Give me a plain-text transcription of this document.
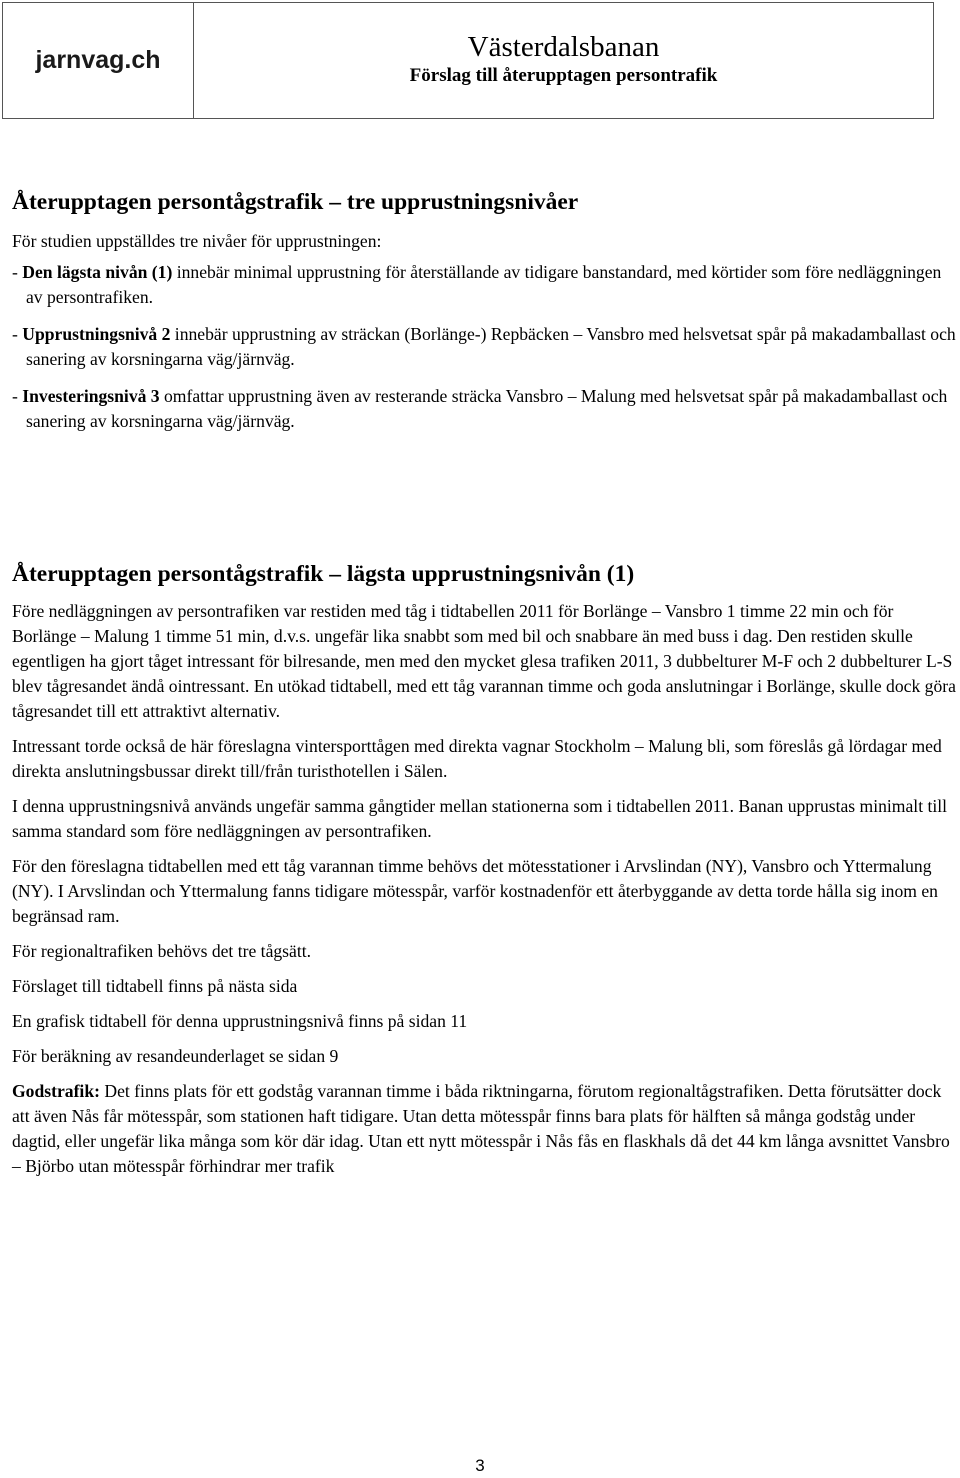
jarnvag.ch	Västerdalsbanan
Förslag till återupptagen persontrafik
Återupptagen persontågstrafik – tre upprustningsnivåer

För studien uppställdes tre nivåer för upprustningen:

- Den lägsta nivån (1) innebär minimal upprustning för återställande av tidigare banstandard, med körtider som före nedläggningen av persontrafiken.

- Upprustningsnivå 2 innebär upprustning av sträckan (Borlänge-) Repbäcken – Vansbro med helsvetsat spår på makadamballast och sanering av korsningarna väg/järnväg.

- Investeringsnivå 3 omfattar upprustning även av resterande sträcka Vansbro – Malung med helsvetsat spår på makadamballast och sanering av korsningarna väg/järnväg.

Återupptagen persontågstrafik – lägsta upprustningsnivån (1)

Före nedläggningen av persontrafiken var restiden med tåg i tidtabellen 2011 för Borlänge – Vansbro 1 timme 22 min och för Borlänge – Malung 1 timme 51 min, d.v.s. ungefär lika snabbt som med bil och snabbare än med buss i dag. Den restiden skulle egentligen ha gjort tåget intressant för bilresande, men med den mycket glesa trafiken 2011, 3 dubbelturer M-F och 2 dubbelturer L-S blev tågresandet ändå ointressant. En utökad tidtabell, med ett tåg varannan timme och goda anslutningar i Borlänge, skulle dock göra tågresandet till ett attraktivt alternativ.

Intressant torde också de här föreslagna vintersporttågen med direkta vagnar Stockholm – Malung bli, som föreslås gå lördagar med direkta anslutningsbussar direkt till/från turisthotellen i Sälen.

I denna upprustningsnivå används ungefär samma gångtider mellan stationerna som i tidtabellen 2011. Banan upprustas minimalt till samma standard som före nedläggningen av persontrafiken.

För den föreslagna tidtabellen med ett tåg varannan timme behövs det mötesstationer i Arvslindan (NY), Vansbro och Yttermalung (NY). I Arvslindan och Yttermalung fanns tidigare mötesspår, varför kostnadenför ett återbyggande av detta torde hålla sig inom en begränsad ram.

För regionaltrafiken behövs det tre tågsätt.

Förslaget till tidtabell finns på nästa sida

En grafisk tidtabell för denna upprustningsnivå finns på sidan 11

För beräkning av resandeunderlaget se sidan 9

Godstrafik: Det finns plats för ett godståg varannan timme i båda riktningarna, förutom regionaltågstrafiken. Detta förutsätter dock att även Nås får mötesspår, som stationen haft tidigare. Utan detta mötesspår finns bara plats för hälften så många godståg under dagtid, eller ungefär lika många som kör där idag. Utan ett nytt mötesspår i Nås fås en flaskhals då det 44 km långa avsnittet Vansbro – Björbo utan mötesspår förhindrar mer trafik

3
